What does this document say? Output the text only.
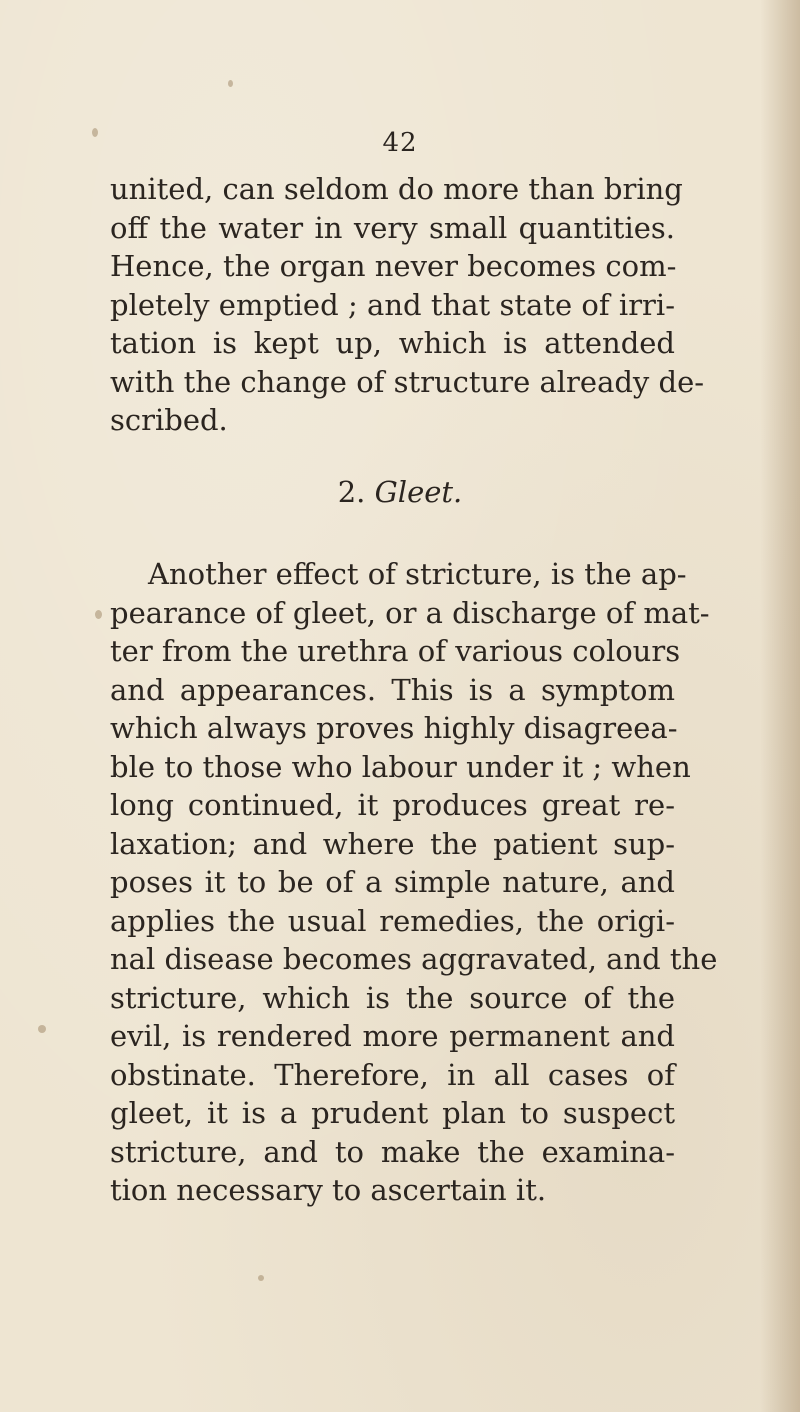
42
united, can seldom do more than bring
off the water in very small quantities.
Hence, the organ never becomes com-
pletely emptied ; and that state of irri-
tation is kept up, which is attended
with the change of structure already de-
scribed.
2. Gleet.
Another effect of stricture, is the ap-
pearance of gleet, or a discharge of mat-
ter from the urethra of various colours
and appearances. This is a symptom
which always proves highly disagreea-
ble to those who labour under it ; when
long continued, it produces great re-
laxation; and where the patient sup-
poses it to be of a simple nature, and
applies the usual remedies, the origi-
nal disease becomes aggravated, and the
stricture, which is the source of the
evil, is rendered more permanent and
obstinate. Therefore, in all cases of
gleet, it is a prudent plan to suspect
stricture, and to make the examina-
tion necessary to ascertain it.
